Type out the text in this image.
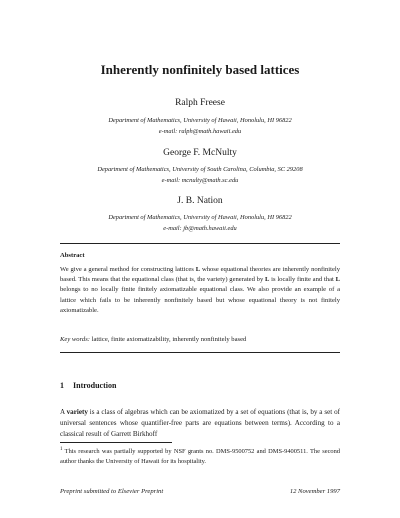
Inherently nonfinitely based lattices
Ralph Freese
Department of Mathematics, University of Hawaii, Honolulu, HI 96822
e-mail: ralph@math.hawaii.edu
George F. McNulty
Department of Mathematics, University of South Carolina, Columbia, SC 29208
e-mail: mcnulty@math.sc.edu
J. B. Nation
Department of Mathematics, University of Hawaii, Honolulu, HI 96822
e-mail: jb@math.hawaii.edu
Abstract
We give a general method for constructing lattices L whose equational theories are inherently nonfinitely based. This means that the equational class (that is, the variety) generated by L is locally finite and that L belongs to no locally finite finitely axiomatizable equational class. We also provide an example of a lattice which fails to be inherently nonfinitely based but whose equational theory is not finitely axiomatizable.
Key words: lattice, finite axiomatizability, inherently nonfinitely based
1 Introduction
A variety is a class of algebras which can be axiomatized by a set of equations (that is, by a set of universal sentences whose quantifier-free parts are equations between terms). According to a classical result of Garrett Birkhoff
$^1$ This research was partially supported by NSF grants no. DMS-9500752 and DMS-9400511. The second author thanks the University of Hawaii for its hospitality.
Preprint submitted to Elsevier Preprint	12 November 1997
